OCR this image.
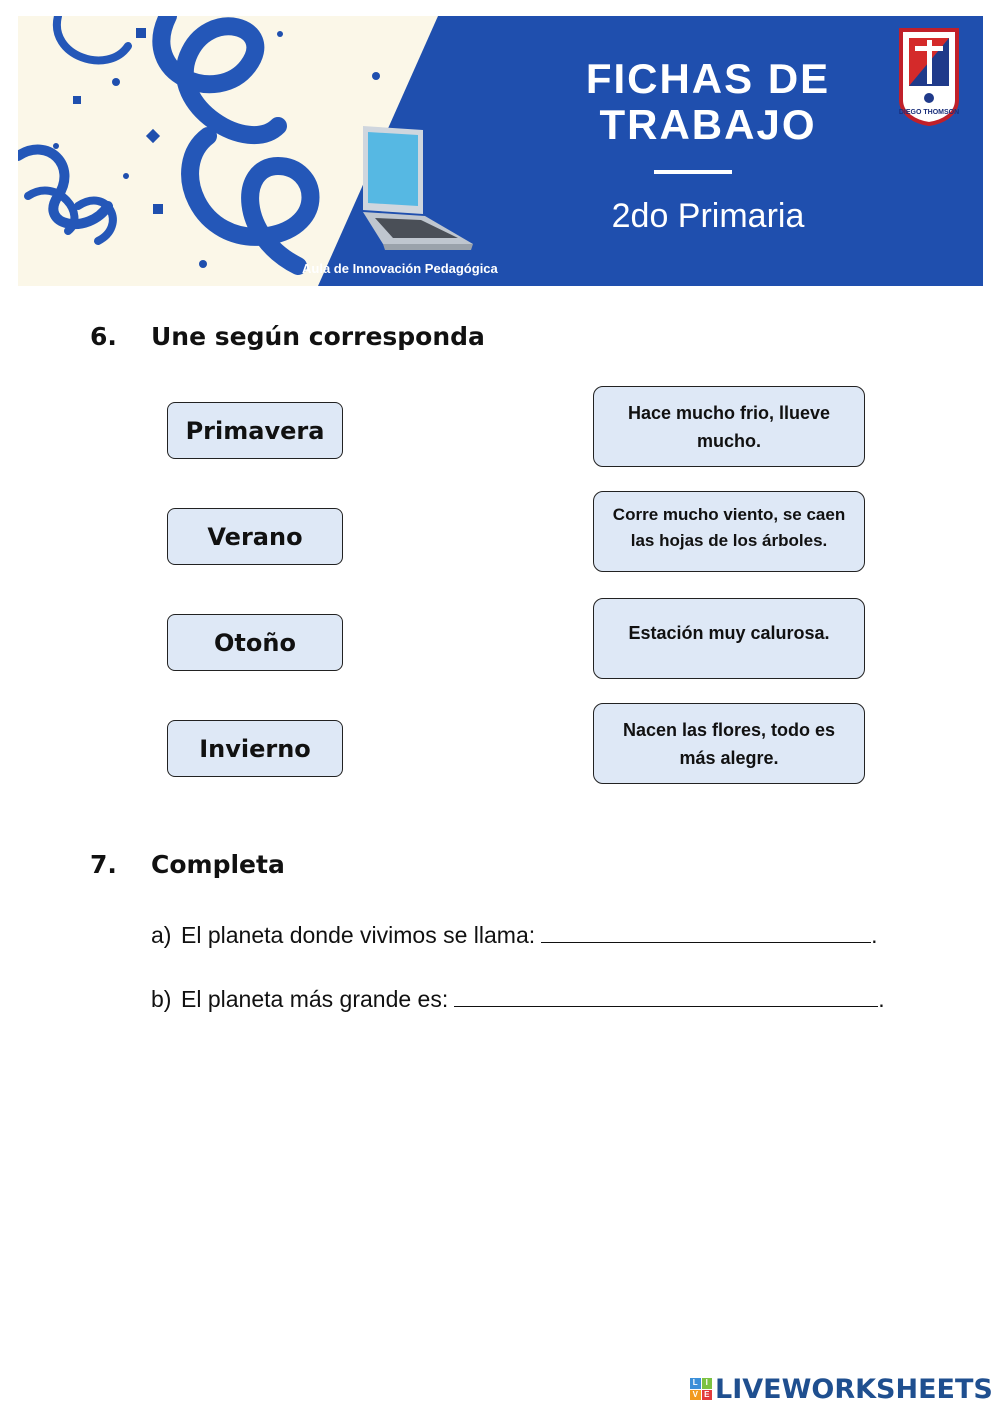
FICHAS DE
TRABAJO
2do Primaria
Aula de Innovación Pedagógica
DIEGO THOMSON
6. Une según corresponda
Primavera
Verano
Otoño
Invierno
Hace mucho frio, llueve mucho.
Corre mucho viento, se caen las hojas de los árboles.
Estación muy calurosa.
Nacen las flores, todo es más alegre.
7. Completa
a) El planeta donde vivimos se llama:	.
b) El planeta más grande es:	.
L I
V E LIVEWORKSHEETS
